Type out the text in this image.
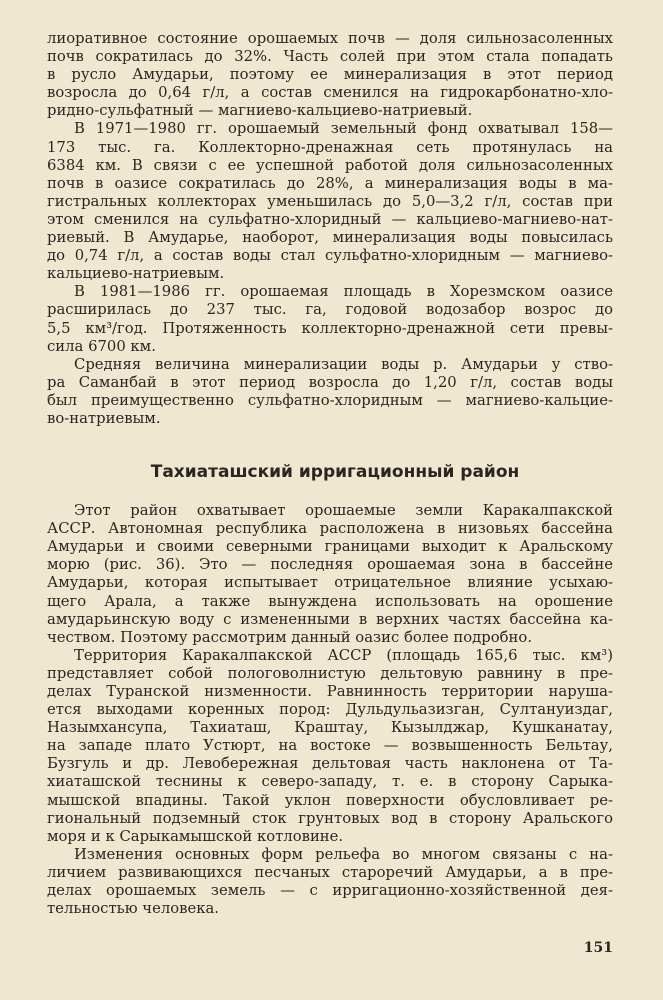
лиоративное состояние орошаемых почв — доля сильнозасоленных
почв сократилась до 32%. Часть солей при этом стала попадать
в русло Амударьи, поэтому ее минерализация в этот период
возросла до 0,64 г/л, а состав сменился на гидрокарбонатно-хло-
ридно-сульфатный — магниево-кальциево-натриевый.
В 1971—1980 гг. орошаемый земельный фонд охватывал 158—
173 тыс. га. Коллекторно-дренажная сеть протянулась на
6384 км. В связи с ее успешной работой доля сильнозасоленных
почв в оазисе сократилась до 28%, а минерализация воды в ма-
гистральных коллекторах уменьшилась до 5,0—3,2 г/л, состав при
этом сменился на сульфатно-хлоридный — кальциево-магниево-нат-
риевый. В Амударье, наоборот, минерализация воды повысилась
до 0,74 г/л, а состав воды стал сульфатно-хлоридным — магниево-
кальциево-натриевым.
В 1981—1986 гг. орошаемая площадь в Хорезмском оазисе
расширилась до 237 тыс. га, годовой водозабор возрос до
5,5 км³/год. Протяженность коллекторно-дренажной сети превы-
сила 6700 км.
Средняя величина минерализации воды р. Амударьи у ство-
ра Саманбай в этот период возросла до 1,20 г/л, состав воды
был преимущественно сульфатно-хлоридным — магниево-кальцие-
во-натриевым.
Тахиаташский ирригационный район
Этот район охватывает орошаемые земли Каракалпакской
АССР. Автономная республика расположена в низовьях бассейна
Амударьи и своими северными границами выходит к Аральскому
морю (рис. 36). Это — последняя орошаемая зона в бассейне
Амударьи, которая испытывает отрицательное влияние усыхаю-
щего Арала, а также вынуждена использовать на орошение
амударьинскую воду с измененными в верхних частях бассейна ка-
чеством. Поэтому рассмотрим данный оазис более подробно.
Территория Каракалпакской АССР (площадь 165,6 тыс. км³)
представляет собой пологоволнистую дельтовую равнину в пре-
делах Туранской низменности. Равнинность территории наруша-
ется выходами коренных пород: Дульдульазизган, Султануиздаг,
Назымхансупа, Тахиаташ, Краштау, Кызылджар, Кушканатау,
на западе плато Устюрт, на востоке — возвышенность Бельтау,
Бузгуль и др. Левобережная дельтовая часть наклонена от Та-
хиаташской теснины к северо-западу, т. е. в сторону Сарыка-
мышской впадины. Такой уклон поверхности обусловливает ре-
гиональный подземный сток грунтовых вод в сторону Аральского
моря и к Сарыкамышской котловине.
Изменения основных форм рельефа во многом связаны с на-
личием развивающихся песчаных староречий Амударьи, а в пре-
делах орошаемых земель — с ирригационно-хозяйственной дея-
тельностью человека.
151
